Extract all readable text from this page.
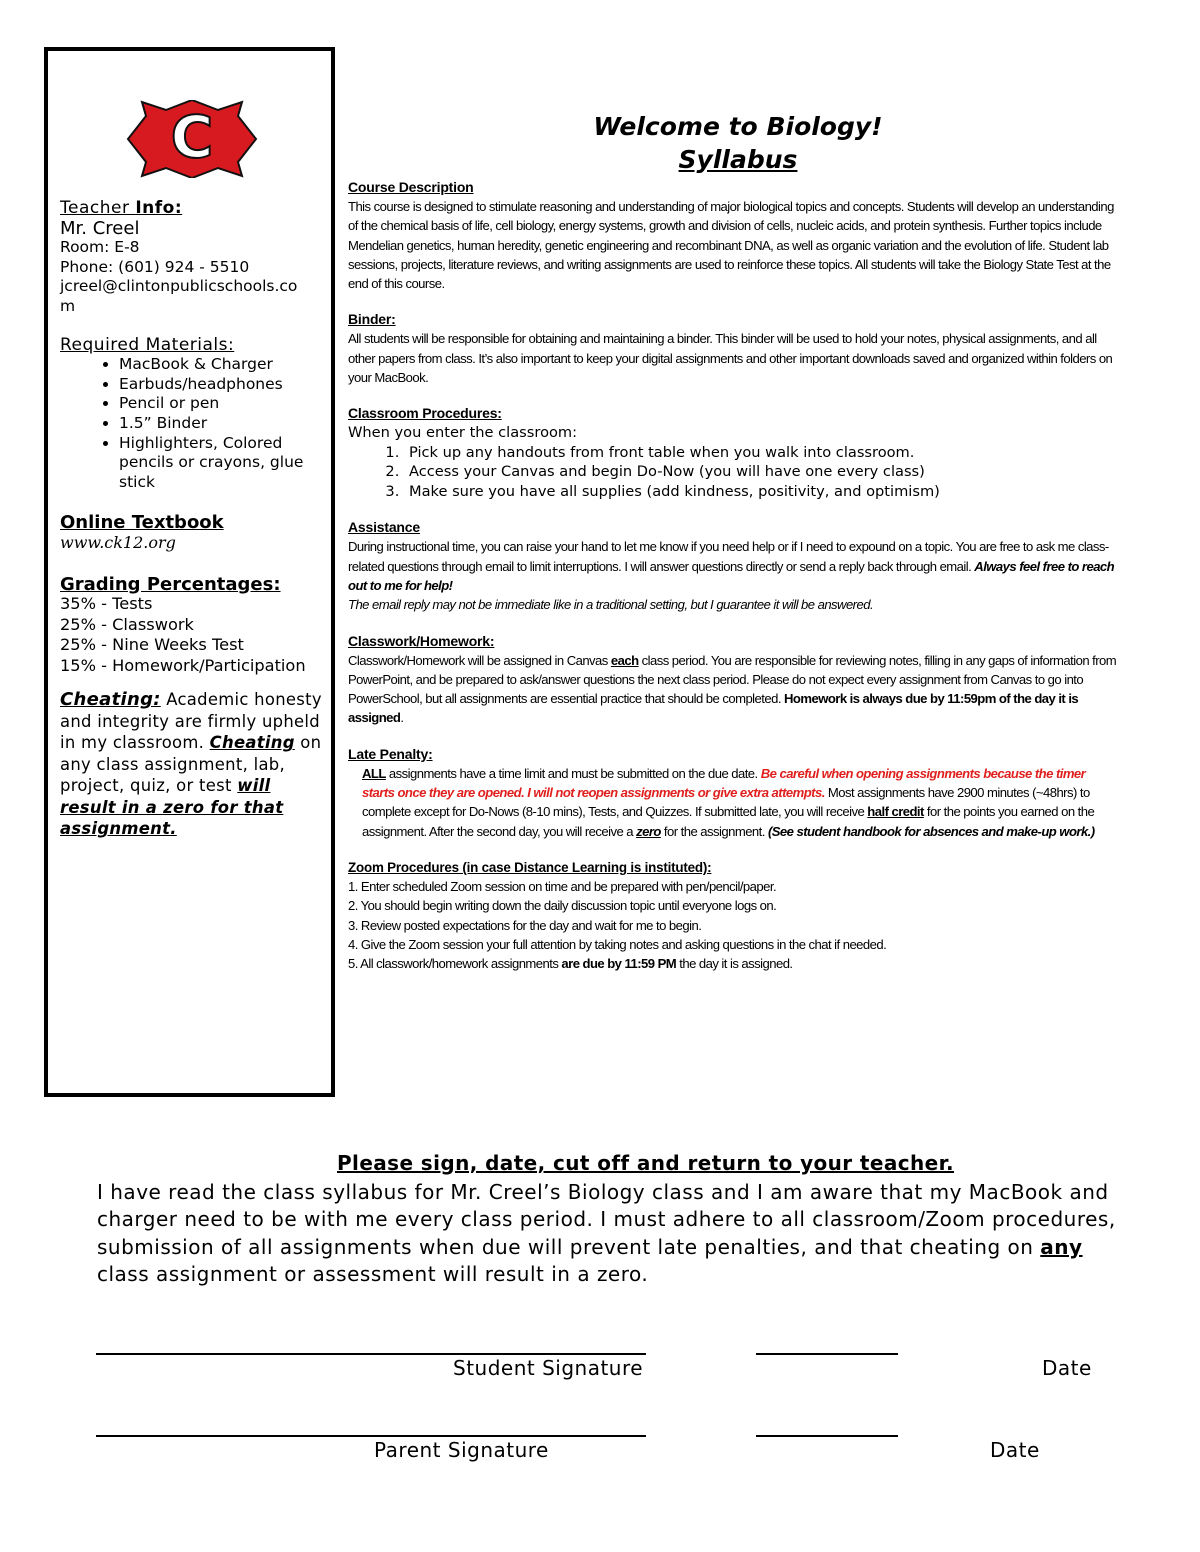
C
Teacher Info:
Mr. Creel
Room: E-8
Phone: (601) 924 - 5510
jcreel@clintonpublicschools.co
m
Required Materials:
• MacBook & Charger
• Earbuds/headphones
• Pencil or pen
• 1.5” Binder
• Highlighters, Colored pencils or crayons, glue stick
Online Textbook
www.ck12.org
Grading Percentages:
35% - Tests
25% - Classwork
25% - Nine Weeks Test
15% - Homework/Participation

Cheating: Academic honesty and integrity are firmly upheld in my classroom. Cheating on any class assignment, lab, project, quiz, or test will result in a zero for that assignment.

Welcome to Biology!
Syllabus

Course Description

This course is designed to stimulate reasoning and understanding of major biological topics and concepts. Students will develop an understanding of the chemical basis of life, cell biology, energy systems, growth and division of cells, nucleic acids, and protein synthesis. Further topics include Mendelian genetics, human heredity, genetic engineering and recombinant DNA, as well as organic variation and the evolution of life. Student lab sessions, projects, literature reviews, and writing assignments are used to reinforce these topics. All students will take the Biology State Test at the end of this course.

Binder:

All students will be responsible for obtaining and maintaining a binder. This binder will be used to hold your notes, physical assignments, and all other papers from class. It’s also important to keep your digital assignments and other important downloads saved and organized within folders on your MacBook.

Classroom Procedures:

When you enter the classroom:

1. Pick up any handouts from front table when you walk into classroom.
2. Access your Canvas and begin Do-Now (you will have one every class)
3. Make sure you have all supplies (add kindness, positivity, and optimism)

Assistance

During instructional time, you can raise your hand to let me know if you need help or if I need to expound on a topic. You are free to ask me class-related questions through email to limit interruptions. I will answer questions directly or send a reply back through email. Always feel free to reach out to me for help!
The email reply may not be immediate like in a traditional setting, but I guarantee it will be answered.

Classwork/Homework:

Classwork/Homework will be assigned in Canvas each class period. You are responsible for reviewing notes, filling in any gaps of information from PowerPoint, and be prepared to ask/answer questions the next class period. Please do not expect every assignment from Canvas to go into PowerSchool, but all assignments are essential practice that should be completed. Homework is always due by 11:59pm of the day it is assigned.

Late Penalty:

ALL assignments have a time limit and must be submitted on the due date. Be careful when opening assignments because the timer starts once they are opened. I will not reopen assignments or give extra attempts. Most assignments have 2900 minutes (~48hrs) to complete except for Do-Nows (8-10 mins), Tests, and Quizzes. If submitted late, you will receive half credit for the points you earned on the assignment. After the second day, you will receive a zero for the assignment. (See student handbook for absences and make-up work.)

Zoom Procedures (in case Distance Learning is instituted):

1. Enter scheduled Zoom session on time and be prepared with pen/pencil/paper.
2. You should begin writing down the daily discussion topic until everyone logs on.
3. Review posted expectations for the day and wait for me to begin.
4. Give the Zoom session your full attention by taking notes and asking questions in the chat if needed.
5. All classwork/homework assignments are due by 11:59 PM the day it is assigned.

Please sign, date, cut off and return to your teacher.

I have read the class syllabus for Mr. Creel’s Biology class and I am aware that my MacBook and charger need to be with me every class period. I must adhere to all classroom/Zoom procedures, submission of all assignments when due will prevent late penalties, and that cheating on any class assignment or assessment will result in a zero.

Student Signature	Date
Parent Signature	Date
